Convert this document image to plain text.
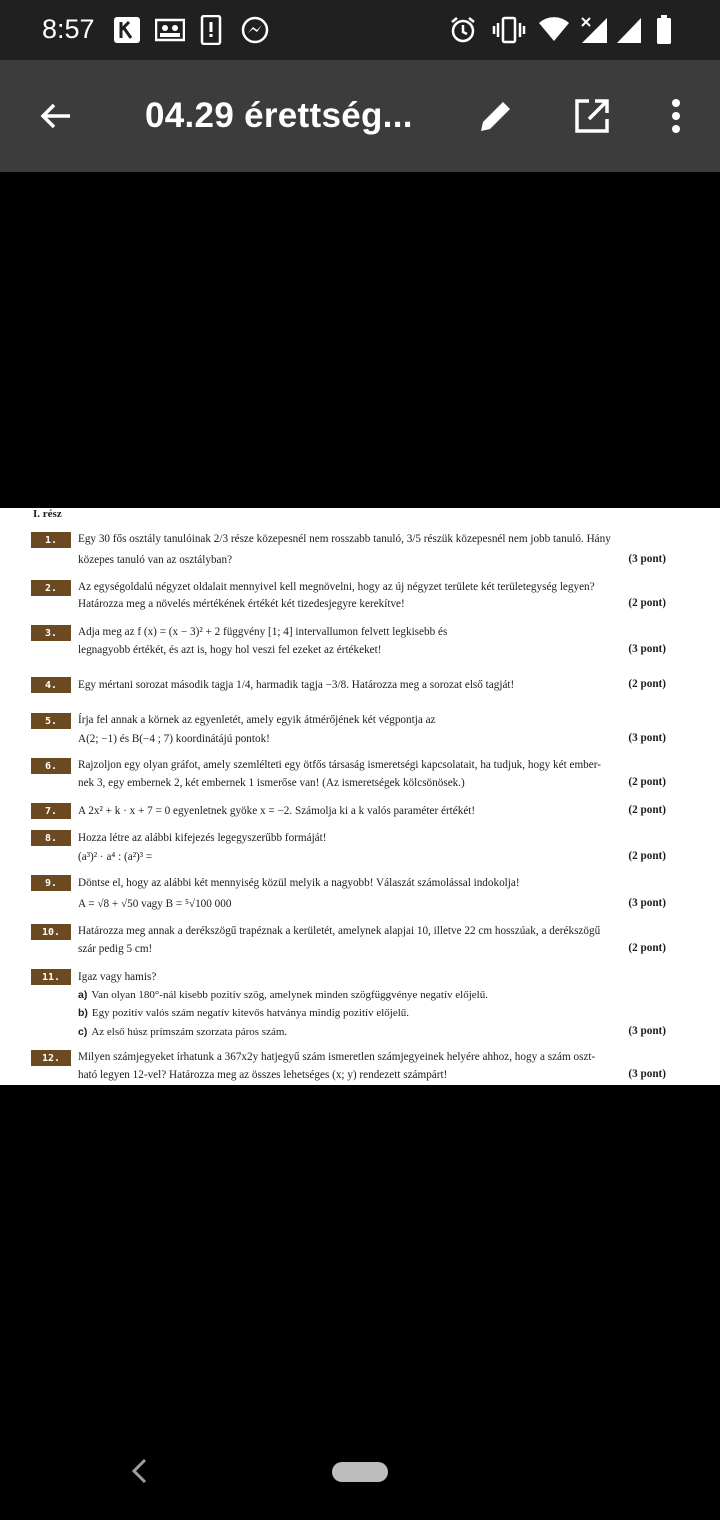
8:57
04.29 érettség...
I. rész
1.	Egy 30 fős osztály tanulóinak 2/3 része közepesnél nem rosszabb tanuló, 3/5 részük közepesnél nem jobb tanuló. Hány
közepes tanuló van az osztályban?	(3 pont)
2.	Az egységoldalú négyzet oldalait mennyivel kell megnövelni, hogy az új négyzet területe két területegység legyen?
Határozza meg a növelés mértékének értékét két tizedesjegyre kerekítve!	(2 pont)
3.	Adja meg az f (x) = (x − 3)² + 2 függvény [1; 4] intervallumon felvett legkisebb és
legnagyobb értékét, és azt is, hogy hol veszi fel ezeket az értékeket!	(3 pont)
4.	Egy mértani sorozat második tagja 1/4, harmadik tagja −3/8. Határozza meg a sorozat első tagját!	(2 pont)
5.	Írja fel annak a körnek az egyenletét, amely egyik átmérőjének két végpontja az
A(2; −1) és B(−4 ; 7) koordinátájú pontok!	(3 pont)
6.	Rajzoljon egy olyan gráfot, amely szemlélteti egy ötfős társaság ismeretségi kapcsolatait, ha tudjuk, hogy két ember-
nek 3, egy embernek 2, két embernek 1 ismerőse van! (Az ismeretségek kölcsönösek.)	(2 pont)
7.	A 2x² + k · x + 7 = 0 egyenletnek gyöke x = −2. Számolja ki a k valós paraméter értékét!	(2 pont)
8.	Hozza létre az alábbi kifejezés legegyszerűbb formáját!
(a³)² · a⁴ : (a²)³ =	(2 pont)
9.	Döntse el, hogy az alábbi két mennyiség közül melyik a nagyobb! Válaszát számolással indokolja!
A = √8 + √50 vagy B = ⁵√100 000	(3 pont)
10.	Határozza meg annak a derékszögű trapéznak a kerületét, amelynek alapjai 10, illetve 22 cm hosszúak, a derékszögű
szár pedig 5 cm!	(2 pont)
11.	Igaz vagy hamis?
a) Van olyan 180°-nál kisebb pozitív szög, amelynek minden szögfüggvénye negatív előjelű.
b) Egy pozitív valós szám negatív kitevős hatványa mindig pozitív előjelű.
c) Az első húsz prímszám szorzata páros szám.	(3 pont)
12.	Milyen számjegyeket írhatunk a 367x2y hatjegyű szám ismeretlen számjegyeinek helyére ahhoz, hogy a szám oszt-
ható legyen 12-vel? Határozza meg az összes lehetséges (x; y) rendezett számpárt!	(3 pont)
